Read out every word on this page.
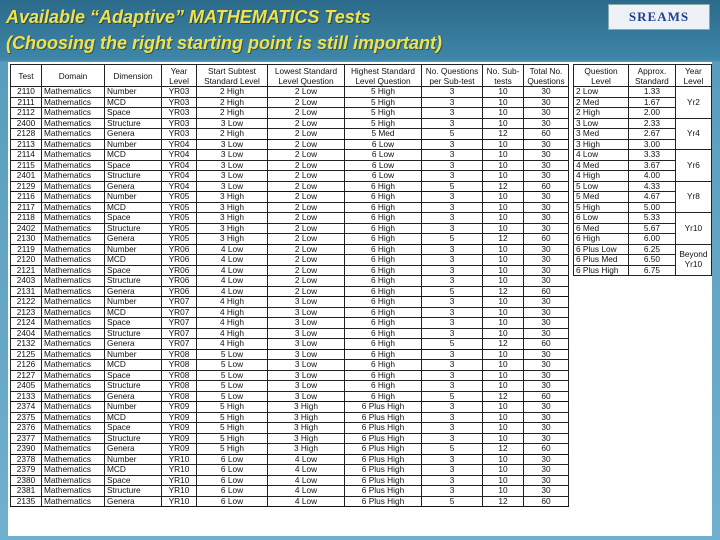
Available “Adaptive” MATHEMATICS Tests
(Choosing the right starting point is still important)
SREAMS
Test	Domain	Dimension	Year Level	Start Subtest Standard Level	Lowest Standard Level Question	Highest Standard Level Question	No. Questions per Sub-test	No. Sub-tests	Total No. Questions
2110	Mathematics	Number	YR03	2 High	2 Low	5 High	3	10	30
2111	Mathematics	MCD	YR03	2 High	2 Low	5 High	3	10	30
2112	Mathematics	Space	YR03	2 High	2 Low	5 High	3	10	30
2400	Mathematics	Structure	YR03	3 Low	2 Low	5 High	3	10	30
2128	Mathematics	Genera	YR03	2 High	2 Low	5 Med	5	12	60
2113	Mathematics	Number	YR04	3 Low	2 Low	6 Low	3	10	30
2114	Mathematics	MCD	YR04	3 Low	2 Low	6 Low	3	10	30
2115	Mathematics	Space	YR04	3 Low	2 Low	6 Low	3	10	30
2401	Mathematics	Structure	YR04	3 Low	2 Low	6 Low	3	10	30
2129	Mathematics	Genera	YR04	3 Low	2 Low	6 High	5	12	60
2116	Mathematics	Number	YR05	3 High	2 Low	6 High	3	10	30
2117	Mathematics	MCD	YR05	3 High	2 Low	6 High	3	10	30
2118	Mathematics	Space	YR05	3 High	2 Low	6 High	3	10	30
2402	Mathematics	Structure	YR05	3 High	2 Low	6 High	3	10	30
2130	Mathematics	Genera	YR05	3 High	2 Low	6 High	5	12	60
2119	Mathematics	Number	YR06	4 Low	2 Low	6 High	3	10	30
2120	Mathematics	MCD	YR06	4 Low	2 Low	6 High	3	10	30
2121	Mathematics	Space	YR06	4 Low	2 Low	6 High	3	10	30
2403	Mathematics	Structure	YR06	4 Low	2 Low	6 High	3	10	30
2131	Mathematics	Genera	YR06	4 Low	2 Low	6 High	5	12	60
2122	Mathematics	Number	YR07	4 High	3 Low	6 High	3	10	30
2123	Mathematics	MCD	YR07	4 High	3 Low	6 High	3	10	30
2124	Mathematics	Space	YR07	4 High	3 Low	6 High	3	10	30
2404	Mathematics	Structure	YR07	4 High	3 Low	6 High	3	10	30
2132	Mathematics	Genera	YR07	4 High	3 Low	6 High	5	12	60
2125	Mathematics	Number	YR08	5 Low	3 Low	6 High	3	10	30
2126	Mathematics	MCD	YR08	5 Low	3 Low	6 High	3	10	30
2127	Mathematics	Space	YR08	5 Low	3 Low	6 High	3	10	30
2405	Mathematics	Structure	YR08	5 Low	3 Low	6 High	3	10	30
2133	Mathematics	Genera	YR08	5 Low	3 Low	6 High	5	12	60
2374	Mathematics	Number	YR09	5 High	3 High	6 Plus High	3	10	30
2375	Mathematics	MCD	YR09	5 High	3 High	6 Plus High	3	10	30
2376	Mathematics	Space	YR09	5 High	3 High	6 Plus High	3	10	30
2377	Mathematics	Structure	YR09	5 High	3 High	6 Plus High	3	10	30
2390	Mathematics	Genera	YR09	5 High	3 High	6 Plus High	5	12	60
2378	Mathematics	Number	YR10	6 Low	4 Low	6 Plus High	3	10	30
2379	Mathematics	MCD	YR10	6 Low	4 Low	6 Plus High	3	10	30
2380	Mathematics	Space	YR10	6 Low	4 Low	6 Plus High	3	10	30
2381	Mathematics	Structure	YR10	6 Low	4 Low	6 Plus High	3	10	30
2135	Mathematics	Genera	YR10	6 Low	4 Low	6 Plus High	5	12	60
Question Level	Approx. Standard	Year Level
2 Low	1.33	Yr2
2 Med	1.67	
2 High	2.00	
3 Low	2.33	Yr4
3 Med	2.67	
3 High	3.00	
4 Low	3.33	Yr6
4 Med	3.67	
4 High	4.00	
5 Low	4.33	Yr8
5 Med	4.67	
5 High	5.00	
6 Low	5.33	Yr10
6 Med	5.67	
6 High	6.00	
6 Plus Low	6.25	Beyond Yr10
6 Plus Med	6.50	
6 Plus High	6.75	
